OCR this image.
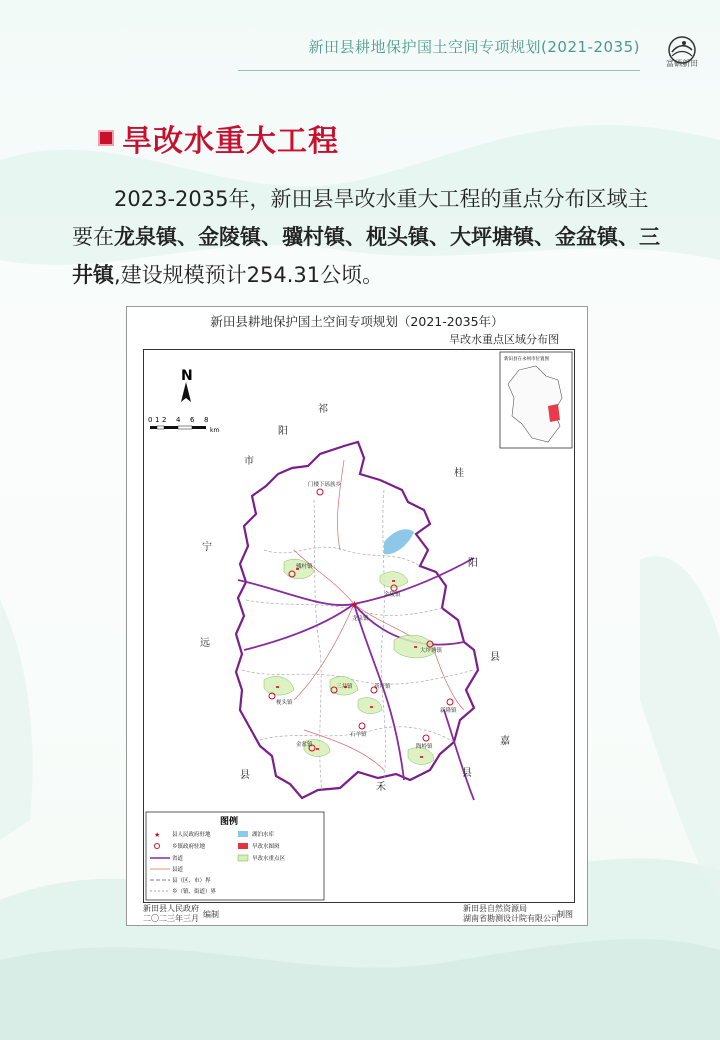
新田县耕地保护国土空间专项规划(2021-2035)
富硒新田
旱改水重大工程
2023-2035年，新田县旱改水重大工程的重点分布区域主要在龙泉镇、金陵镇、骥村镇、枧头镇、大坪塘镇、金盆镇、三井镇,建设规模预计254.31公顷。
新田县耕地保护国土空间专项规划（2021-2035年）
旱改水重点区域分布图
N
0 1 2 4 6 8
km
新田县在永州市位置图
★
骥村镇
门楼下瑶族乡
金陵镇
龙泉镇
大坪塘镇
新圩镇
三井镇
枧头镇
新隆镇
石羊镇
陶岭镇
金盆镇
祁
阳
市
桂
阳
宁
远
县
县
嘉
禾
县
图例
★ 县人民政府驻地	湖泊水库
乡镇政府驻地	旱改水图斑
省道	旱改水重点区
县道
县（区、市）界
乡（镇、街道）界
新田县人民政府
二〇二三年三月 编制
新田县自然资源局
湖南省勘测设计院有限公司
制图
